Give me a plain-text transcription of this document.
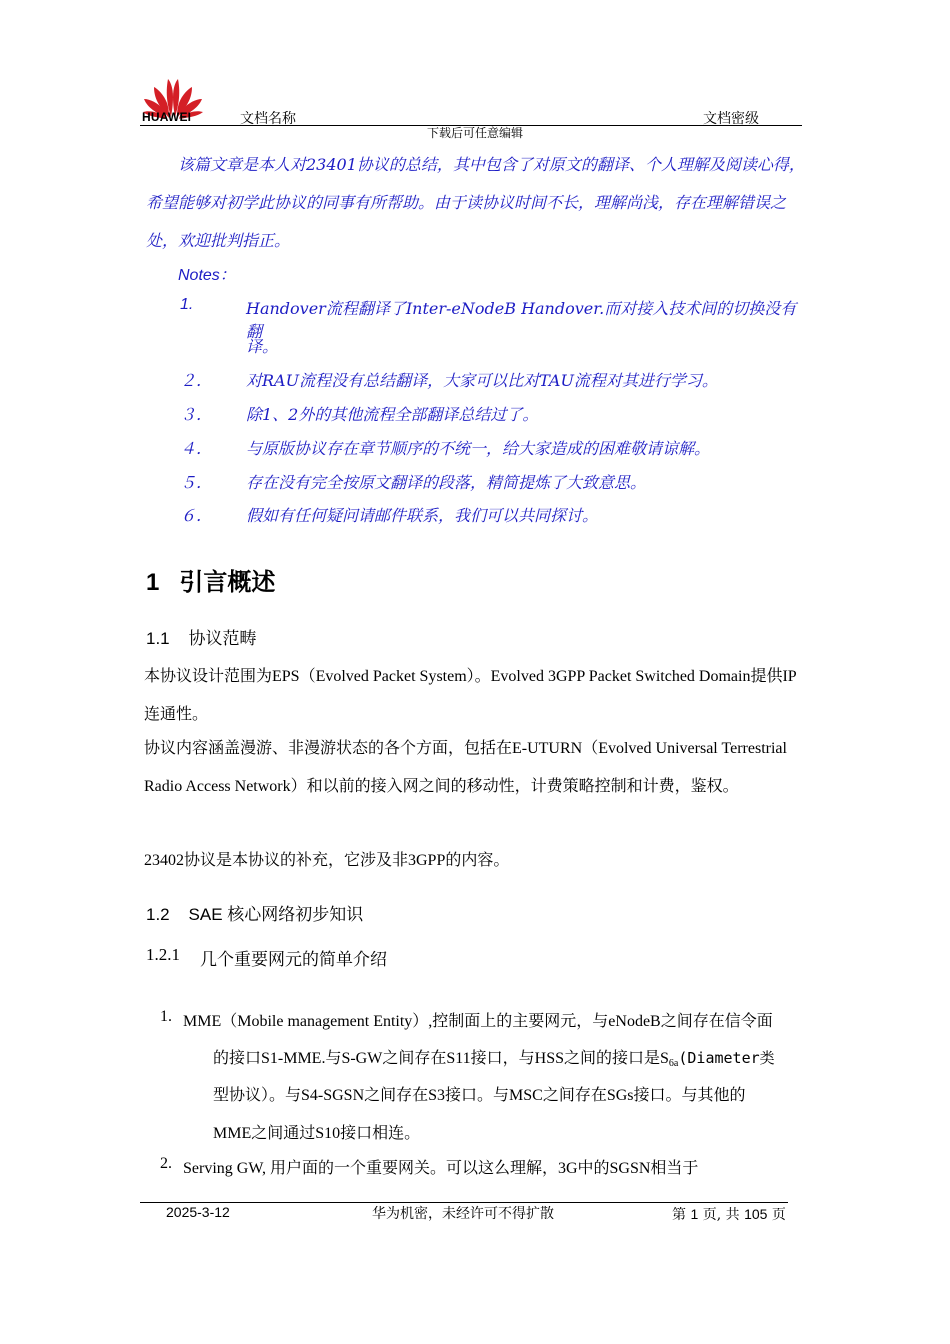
HUAWEI	文档名称	文档密级
下载后可任意编辑
该篇文章是本人对23401协议的总结，其中包含了对原文的翻译、个人理解及阅读心得，希望能够对初学此协议的同事有所帮助。由于读协议时间不长，理解尚浅，存在理解错误之处，欢迎批判指正。
Notes：
1.	Handover流程翻译了Inter-eNodeB Handover.而对接入技术间的切换没有翻
译。
２． 对RAU流程没有总结翻译，大家可以比对TAU流程对其进行学习。
３． 除1、2外的其他流程全部翻译总结过了。
４． 与原版协议存在章节顺序的不统一，给大家造成的困难敬请谅解。
５． 存在没有完全按原文翻译的段落，精简提炼了大致意思。
６． 假如有任何疑问请邮件联系，我们可以共同探讨。
1   引言概述
1.1    协议范畴
本协议设计范围为EPS（Evolved Packet System）。Evolved 3GPP Packet Switched Domain提供IP连通性。
协议内容涵盖漫游、非漫游状态的各个方面，包括在E-UTURN（Evolved Universal Terrestrial Radio Access Network）和以前的接入网之间的移动性，计费策略控制和计费，鉴权。
23402协议是本协议的补充，它涉及非3GPP的内容。
1.2    SAE 核心网络初步知识
1.2.1 几个重要网元的简单介绍
1. MME（Mobile management Entity）,控制面上的主要网元，与eNodeB之间存在信令面
的接口S1-MME.与S-GW之间存在S11接口，与HSS之间的接口是$S_{6a}(Diameter$类
型协议）。与S4-SGSN之间存在S3接口。与MSC之间存在SGs接口。与其他的
MME之间通过S10接口相连。
2. Serving GW, 用户面的一个重要网关。可以这么理解，3G中的SGSN相当于
2025-3-12	华为机密，未经许可不得扩散	第 1 页, 共 105 页
